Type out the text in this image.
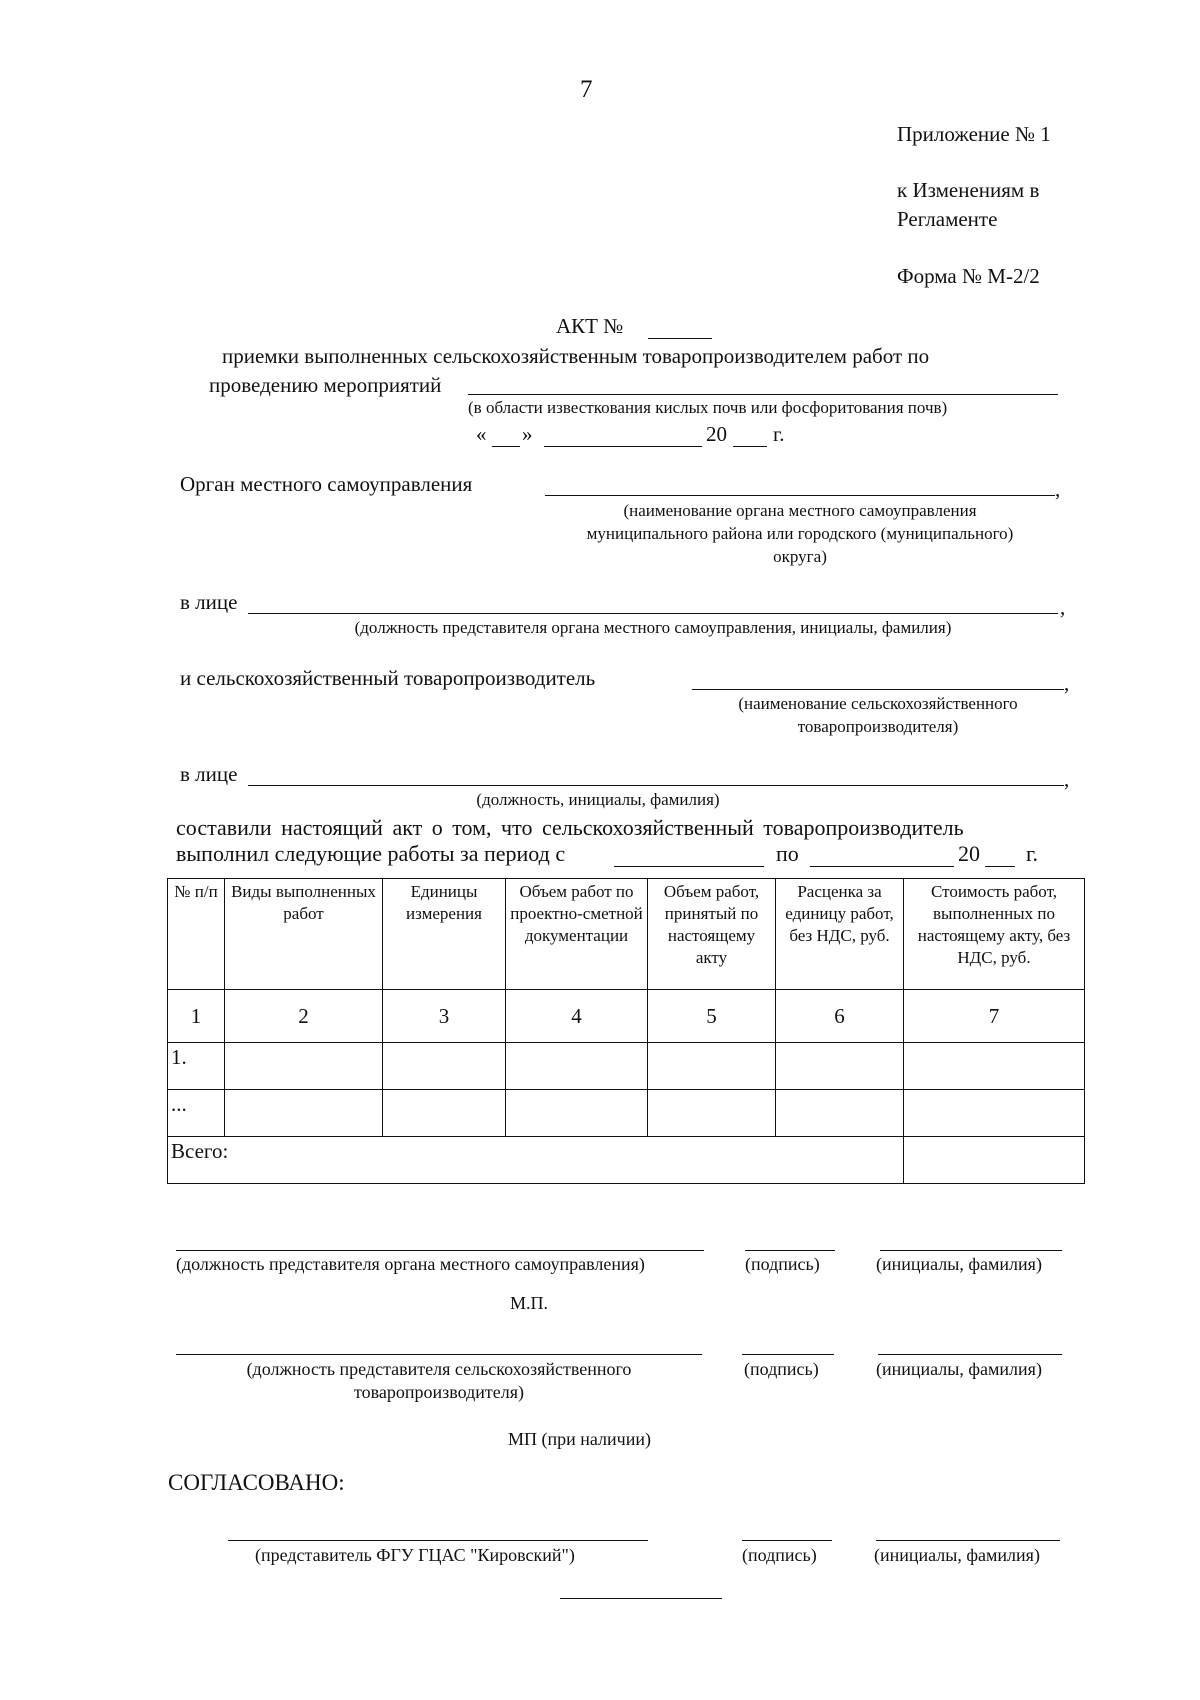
7
Приложение № 1
к Изменениям в
Регламенте
Форма № М-2/2
АКТ №
приемки выполненных сельскохозяйственным товаропроизводителем работ по
проведению мероприятий
(в области известкования кислых почв или фосфоритования почв)
« »	20 г.
Орган местного самоуправления	,
(наименование органа местного самоуправления
муниципального района или городского (муниципального)
округа)
в лице	,
(должность представителя органа местного самоуправления, инициалы, фамилия)
и сельскохозяйственный товаропроизводитель	,
(наименование сельскохозяйственного
товаропроизводителя)
в лице	,
(должность, инициалы, фамилия)
составили настоящий акт о том, что сельскохозяйственный товаропроизводитель
выполнил следующие работы за период с	по	20 г.
№ п/п	Виды выполненных работ	Единицы измерения	Объем работ по проектно-сметной документации	Объем работ, принятый по настоящему акту	Расценка за единицу работ, без НДС, руб.	Стоимость работ, выполненных по настоящему акту, без НДС, руб.
1	2	3	4	5	6	7
1.						
...						
Всего:						
(должность представителя органа местного самоуправления)	(подпись)	(инициалы, фамилия)
М.П.
(должность представителя сельскохозяйственного
товаропроизводителя)
(подпись)	(инициалы, фамилия)
МП (при наличии)
СОГЛАСОВАНО:
(представитель ФГУ ГЦАС "Кировский")	(подпись)	(инициалы, фамилия)
